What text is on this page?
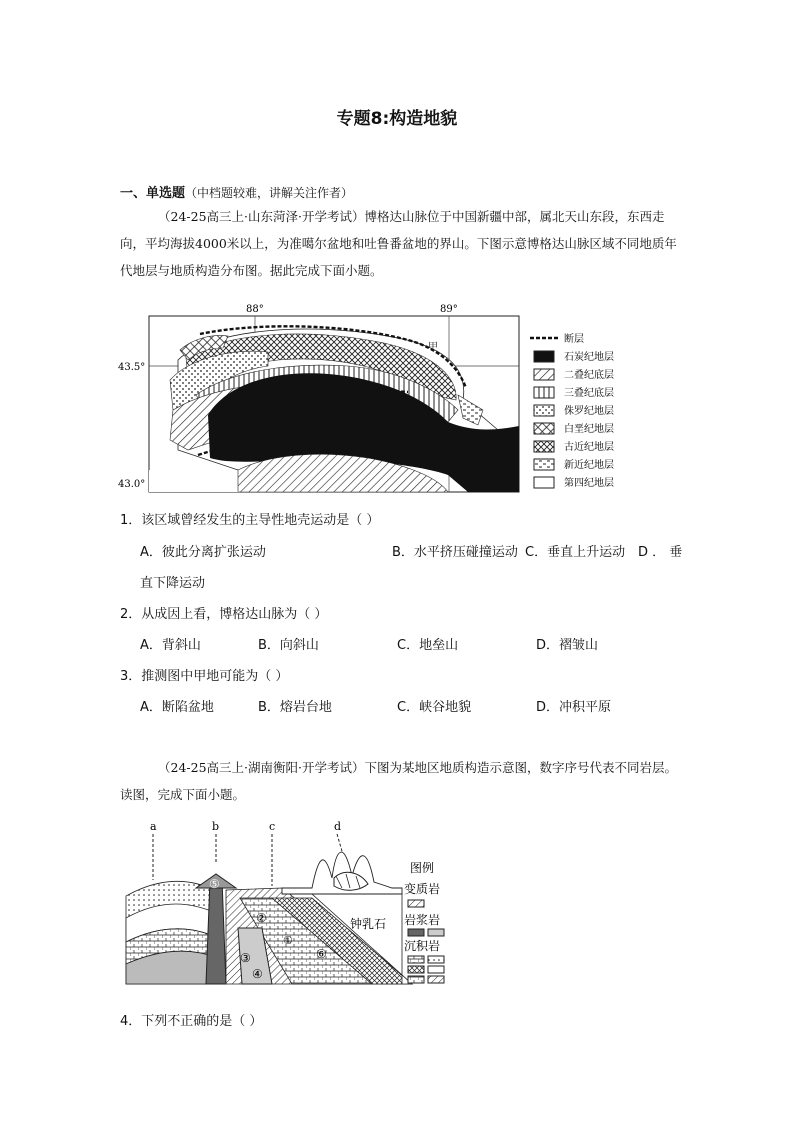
专题8:构造地貌
一、单选题（中档题较难，讲解关注作者）

（24-25高三上·山东菏泽·开学考试）博格达山脉位于中国新疆中部，属北天山东段，东西走向，平均海拔4000米以上，为准噶尔盆地和吐鲁番盆地的界山。下图示意博格达山脉区域不同地质年代地层与地质构造分布图。据此完成下面小题。

甲
88°	89°
43.5°
43.0°
断层
石炭纪地层
二叠纪底层
三叠纪底层
侏罗纪地层
白垩纪地层
古近纪地层
新近纪地层
第四纪地层
1．该区域曾经发生的主导性地壳运动是（ ）
A．彼此分离扩张运动	B．水平挤压碰撞运动 C．垂直上升运动 D ． 垂
直下降运动
2．从成因上看，博格达山脉为（ ）
A．背斜山	B．向斜山	C．地垒山	D．褶皱山
3．推测图中甲地可能为（ ）
A．断陷盆地	B．熔岩台地	C．峡谷地貌	D．冲积平原

（24-25高三上·湖南衡阳·开学考试）下图为某地区地质构造示意图，数字序号代表不同岩层。读图，完成下面小题。

a	b	c	d
⑤
②
①
③
④
⑥
钟乳石
图例
变质岩
岩浆岩
沉积岩
4．下列不正确的是（ ）
